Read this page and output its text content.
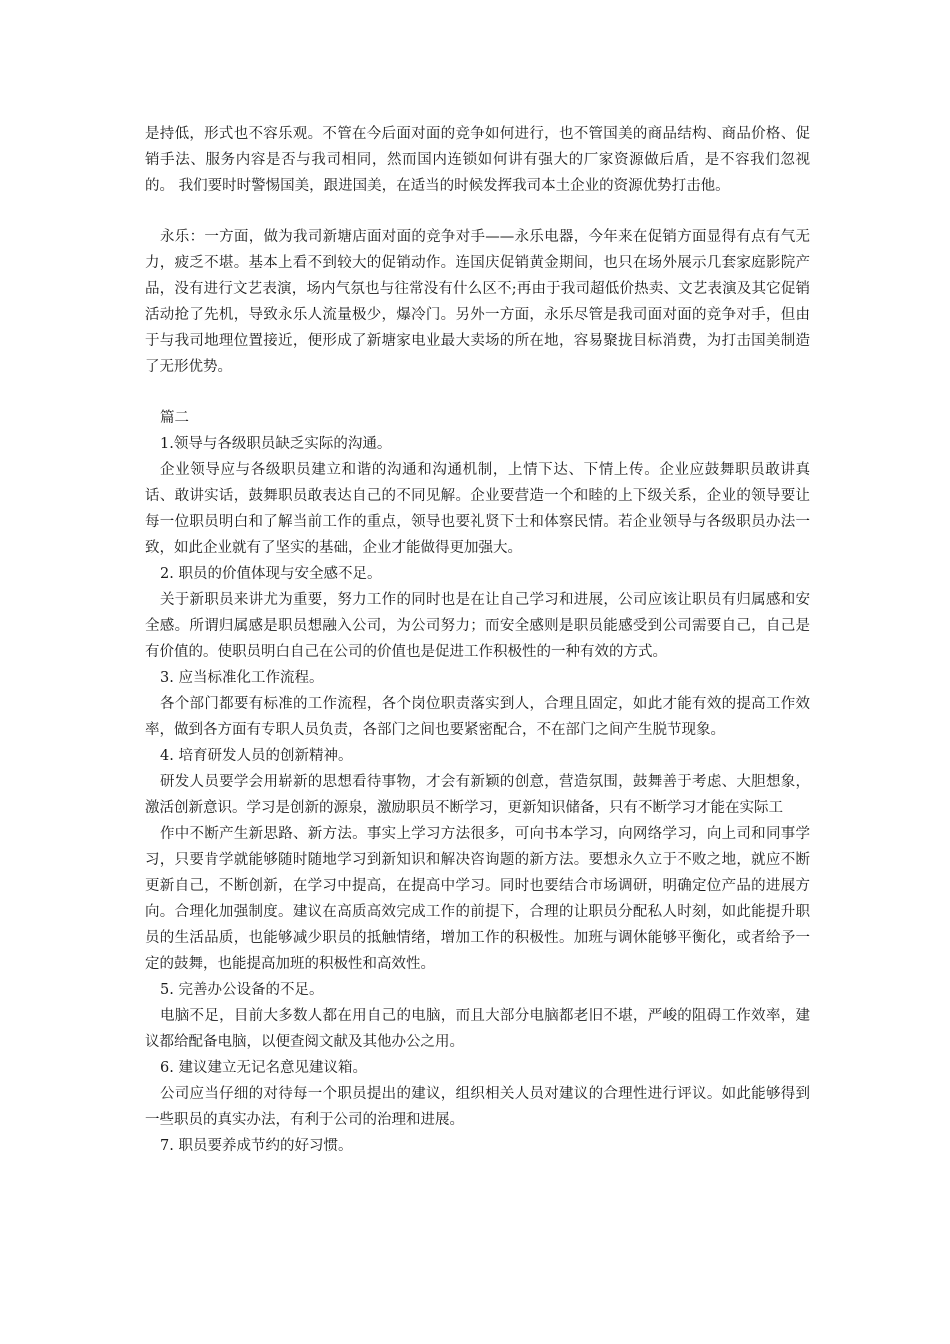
是持低，形式也不容乐观。不管在今后面对面的竞争如何进行，也不管国美的商品结构、商品价格、促销手法、服务内容是否与我司相同，然而国内连锁如何讲有强大的厂家资源做后盾，是不容我们忽视的。 我们要时时警惕国美，跟进国美，在适当的时候发挥我司本土企业的资源优势打击他。

永乐：一方面，做为我司新塘店面对面的竞争对手——永乐电器，今年来在促销方面显得有点有气无力，疲乏不堪。基本上看不到较大的促销动作。连国庆促销黄金期间，也只在场外展示几套家庭影院产品，没有进行文艺表演，场内气氛也与往常没有什么区不;再由于我司超低价热卖、文艺表演及其它促销活动抢了先机，导致永乐人流量极少，爆冷门。另外一方面，永乐尽管是我司面对面的竞争对手，但由于与我司地理位置接近，便形成了新塘家电业最大卖场的所在地，容易聚拢目标消费，为打击国美制造了无形优势。

篇二

1.领导与各级职员缺乏实际的沟通。

企业领导应与各级职员建立和谐的沟通和沟通机制，上情下达、下情上传。企业应鼓舞职员敢讲真话、敢讲实话，鼓舞职员敢表达自己的不同见解。企业要营造一个和睦的上下级关系，企业的领导要让每一位职员明白和了解当前工作的重点，领导也要礼贤下士和体察民情。若企业领导与各级职员办法一致，如此企业就有了坚实的基础，企业才能做得更加强大。

2. 职员的价值体现与安全感不足。

关于新职员来讲尤为重要，努力工作的同时也是在让自己学习和进展，公司应该让职员有归属感和安全感。所谓归属感是职员想融入公司，为公司努力；而安全感则是职员能感受到公司需要自己，自己是有价值的。使职员明白自己在公司的价值也是促进工作积极性的一种有效的方式。

3. 应当标准化工作流程。

各个部门都要有标准的工作流程，各个岗位职责落实到人，合理且固定，如此才能有效的提高工作效率，做到各方面有专职人员负责，各部门之间也要紧密配合，不在部门之间产生脱节现象。

4. 培育研发人员的创新精神。

研发人员要学会用崭新的思想看待事物，才会有新颖的创意，营造氛围，鼓舞善于考虑、大胆想象，激活创新意识。学习是创新的源泉，激励职员不断学习，更新知识储备，只有不断学习才能在实际工

作中不断产生新思路、新方法。事实上学习方法很多，可向书本学习，向网络学习，向上司和同事学习，只要肯学就能够随时随地学习到新知识和解决咨询题的新方法。要想永久立于不败之地，就应不断更新自己，不断创新，在学习中提高，在提高中学习。同时也要结合市场调研，明确定位产品的进展方向。合理化加强制度。建议在高质高效完成工作的前提下，合理的让职员分配私人时刻，如此能提升职员的生活品质，也能够减少职员的抵触情绪，增加工作的积极性。加班与调休能够平衡化，或者给予一定的鼓舞，也能提高加班的积极性和高效性。

5. 完善办公设备的不足。

电脑不足，目前大多数人都在用自己的电脑，而且大部分电脑都老旧不堪，严峻的阻碍工作效率，建议都给配备电脑，以便查阅文献及其他办公之用。

6. 建议建立无记名意见建议箱。

公司应当仔细的对待每一个职员提出的建议，组织相关人员对建议的合理性进行评议。如此能够得到一些职员的真实办法，有利于公司的治理和进展。

7. 职员要养成节约的好习惯。
